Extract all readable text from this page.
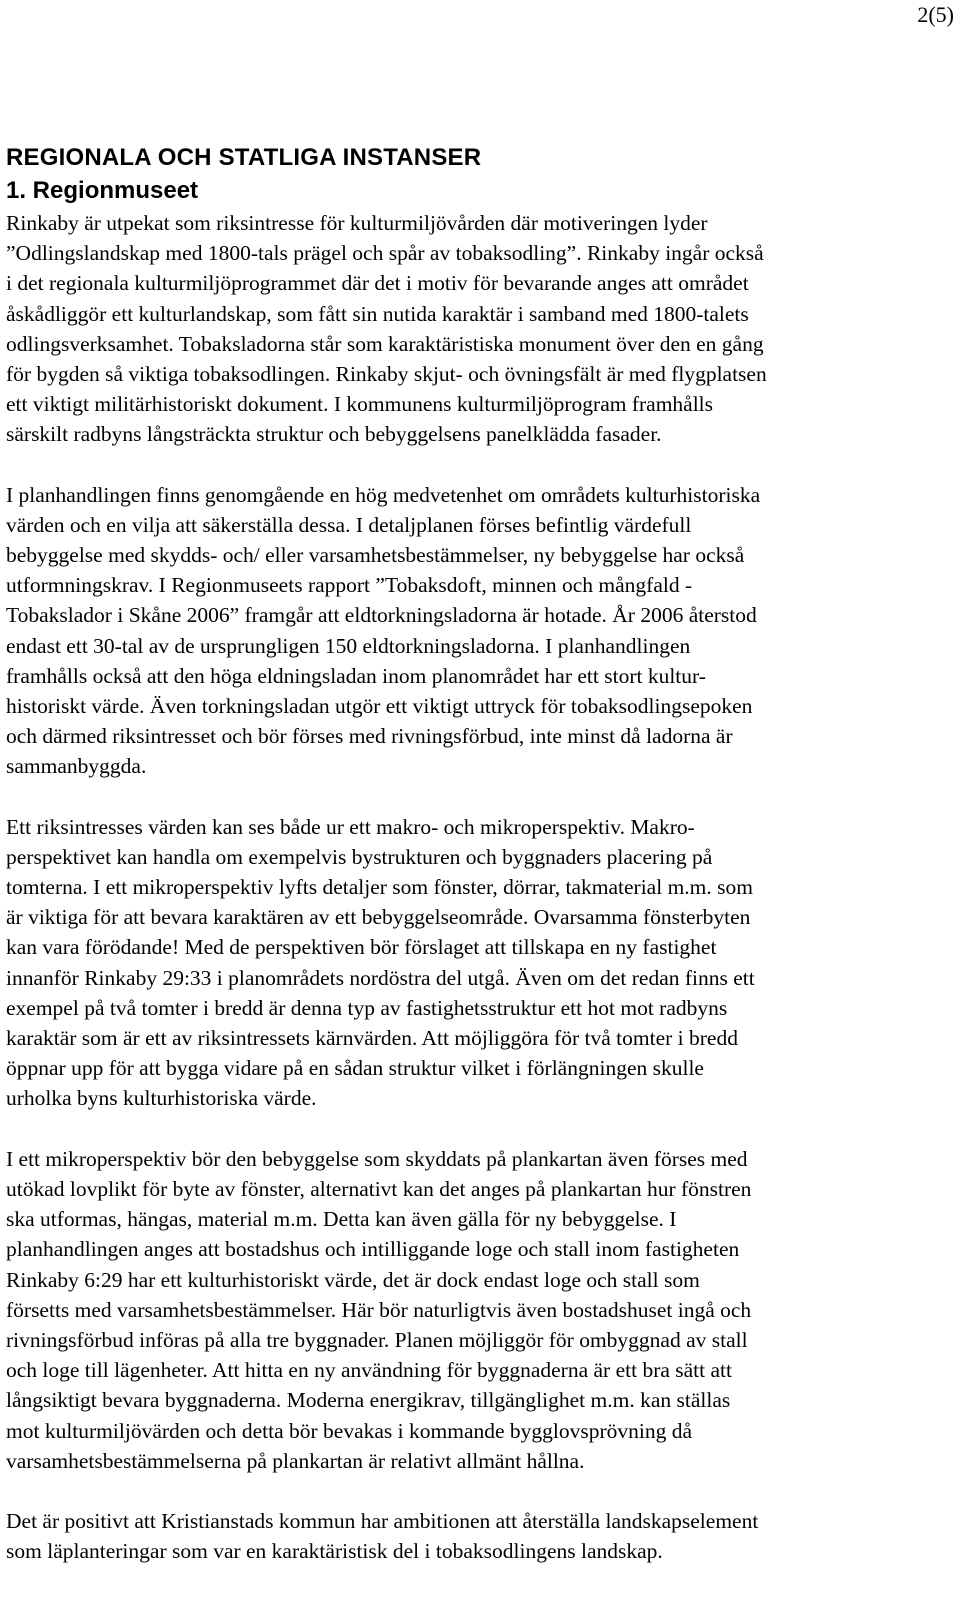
2(5)
REGIONALA OCH STATLIGA INSTANSER
1. Regionmuseet

Rinkaby är utpekat som riksintresse för kulturmiljövården där motiveringen lyder
”Odlingslandskap med 1800-tals prägel och spår av tobaksodling”. Rinkaby ingår också
i det regionala kulturmiljöprogrammet där det i motiv för bevarande anges att området
åskådliggör ett kulturlandskap, som fått sin nutida karaktär i samband med 1800-talets
odlingsverksamhet. Tobaksladorna står som karaktäristiska monument över den en gång
för bygden så viktiga tobaksodlingen. Rinkaby skjut- och övningsfält är med flygplatsen
ett viktigt militärhistoriskt dokument. I kommunens kulturmiljöprogram framhålls
särskilt radbyns långsträckta struktur och bebyggelsens panelklädda fasader.

I planhandlingen finns genomgående en hög medvetenhet om områdets kulturhistoriska
värden och en vilja att säkerställa dessa. I detaljplanen förses befintlig värdefull
bebyggelse med skydds- och/ eller varsamhetsbestämmelser, ny bebyggelse har också
utformningskrav. I Regionmuseets rapport ”Tobaksdoft, minnen och mångfald -
Tobakslador i Skåne 2006” framgår att eldtorkningsladorna är hotade. År 2006 återstod
endast ett 30-tal av de ursprungligen 150 eldtorkningsladorna. I planhandlingen
framhålls också att den höga eldningsladan inom planområdet har ett stort kultur-
historiskt värde. Även torkningsladan utgör ett viktigt uttryck för tobaksodlingsepoken
och därmed riksintresset och bör förses med rivningsförbud, inte minst då ladorna är
sammanbyggda.

Ett riksintresses värden kan ses både ur ett makro- och mikroperspektiv. Makro-
perspektivet kan handla om exempelvis bystrukturen och byggnaders placering på
tomterna. I ett mikroperspektiv lyfts detaljer som fönster, dörrar, takmaterial m.m. som
är viktiga för att bevara karaktären av ett bebyggelseområde. Ovarsamma fönsterbyten
kan vara förödande! Med de perspektiven bör förslaget att tillskapa en ny fastighet
innanför Rinkaby 29:33 i planområdets nordöstra del utgå. Även om det redan finns ett
exempel på två tomter i bredd är denna typ av fastighetsstruktur ett hot mot radbyns
karaktär som är ett av riksintressets kärnvärden. Att möjliggöra för två tomter i bredd
öppnar upp för att bygga vidare på en sådan struktur vilket i förlängningen skulle
urholka byns kulturhistoriska värde.

I ett mikroperspektiv bör den bebyggelse som skyddats på plankartan även förses med
utökad lovplikt för byte av fönster, alternativt kan det anges på plankartan hur fönstren
ska utformas, hängas, material m.m. Detta kan även gälla för ny bebyggelse. I
planhandlingen anges att bostadshus och intilliggande loge och stall inom fastigheten
Rinkaby 6:29 har ett kulturhistoriskt värde, det är dock endast loge och stall som
försetts med varsamhetsbestämmelser. Här bör naturligtvis även bostadshuset ingå och
rivningsförbud införas på alla tre byggnader. Planen möjliggör för ombyggnad av stall
och loge till lägenheter. Att hitta en ny användning för byggnaderna är ett bra sätt att
långsiktigt bevara byggnaderna. Moderna energikrav, tillgänglighet m.m. kan ställas
mot kulturmiljövärden och detta bör bevakas i kommande bygglovsprövning då
varsamhetsbestämmelserna på plankartan är relativt allmänt hållna.

Det är positivt att Kristianstads kommun har ambitionen att återställa landskapselement
som läplanteringar som var en karaktäristisk del i tobaksodlingens landskap.
